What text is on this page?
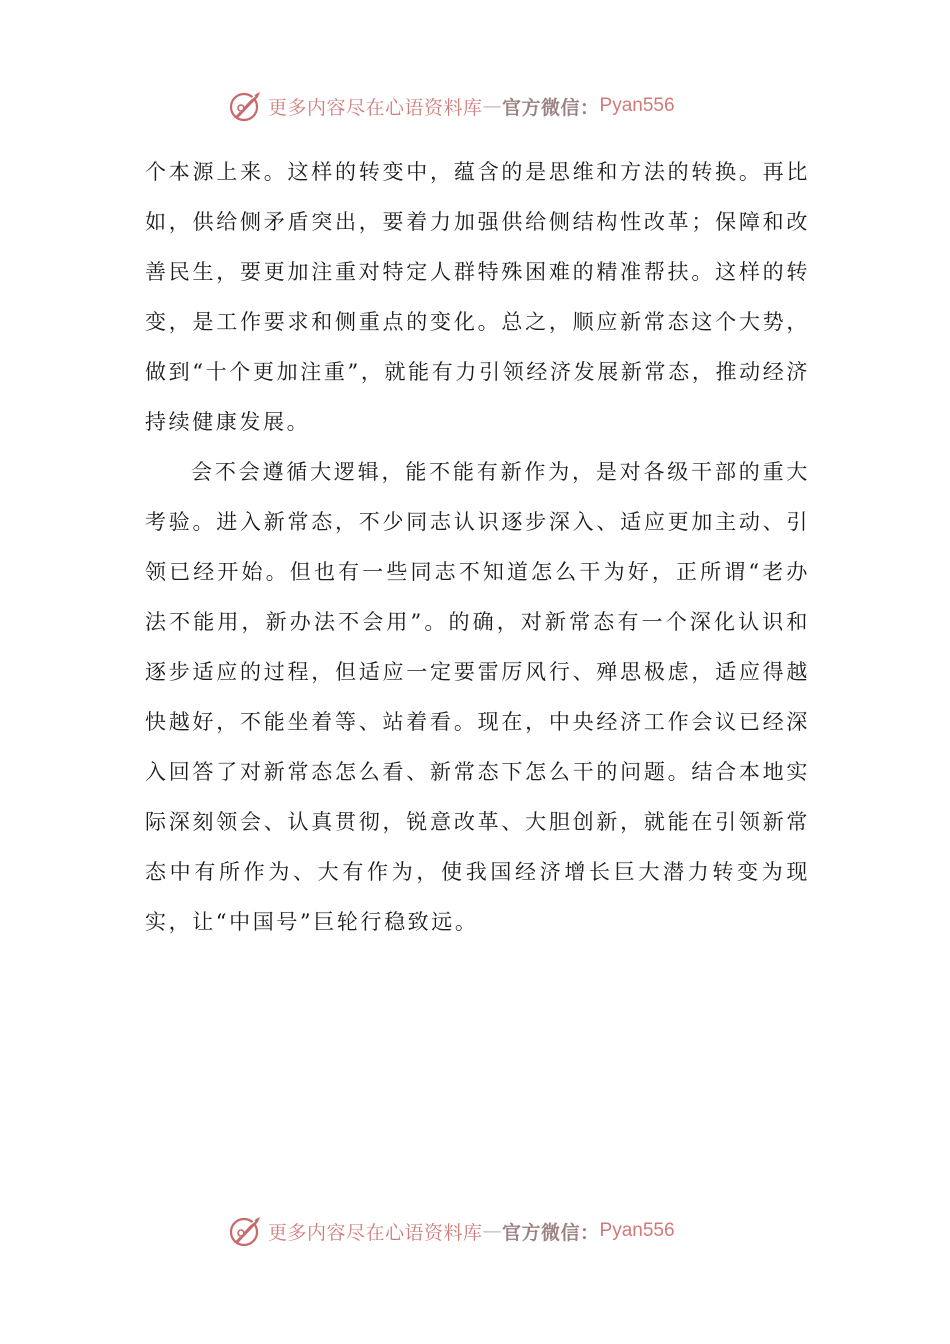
更多内容尽在心语资料库 — 官方微信： Pyan556

个本源上来。这样的转变中，蕴含的是思维和方法的转换。再比如，供给侧矛盾突出，要着力加强供给侧结构性改革；保障和改善民生，要更加注重对特定人群特殊困难的精准帮扶。这样的转变，是工作要求和侧重点的变化。总之，顺应新常态这个大势，做到“十个更加注重”，就能有力引领经济发展新常态，推动经济持续健康发展。

会不会遵循大逻辑，能不能有新作为，是对各级干部的重大考验。进入新常态，不少同志认识逐步深入、适应更加主动、引领已经开始。但也有一些同志不知道怎么干为好，正所谓“老办法不能用，新办法不会用”。的确，对新常态有一个深化认识和逐步适应的过程，但适应一定要雷厉风行、殚思极虑，适应得越快越好，不能坐着等、站着看。现在，中央经济工作会议已经深入回答了对新常态怎么看、新常态下怎么干的问题。结合本地实际深刻领会、认真贯彻，锐意改革、大胆创新，就能在引领新常态中有所作为、大有作为，使我国经济增长巨大潜力转变为现实，让“中国号”巨轮行稳致远。

更多内容尽在心语资料库 — 官方微信： Pyan556
